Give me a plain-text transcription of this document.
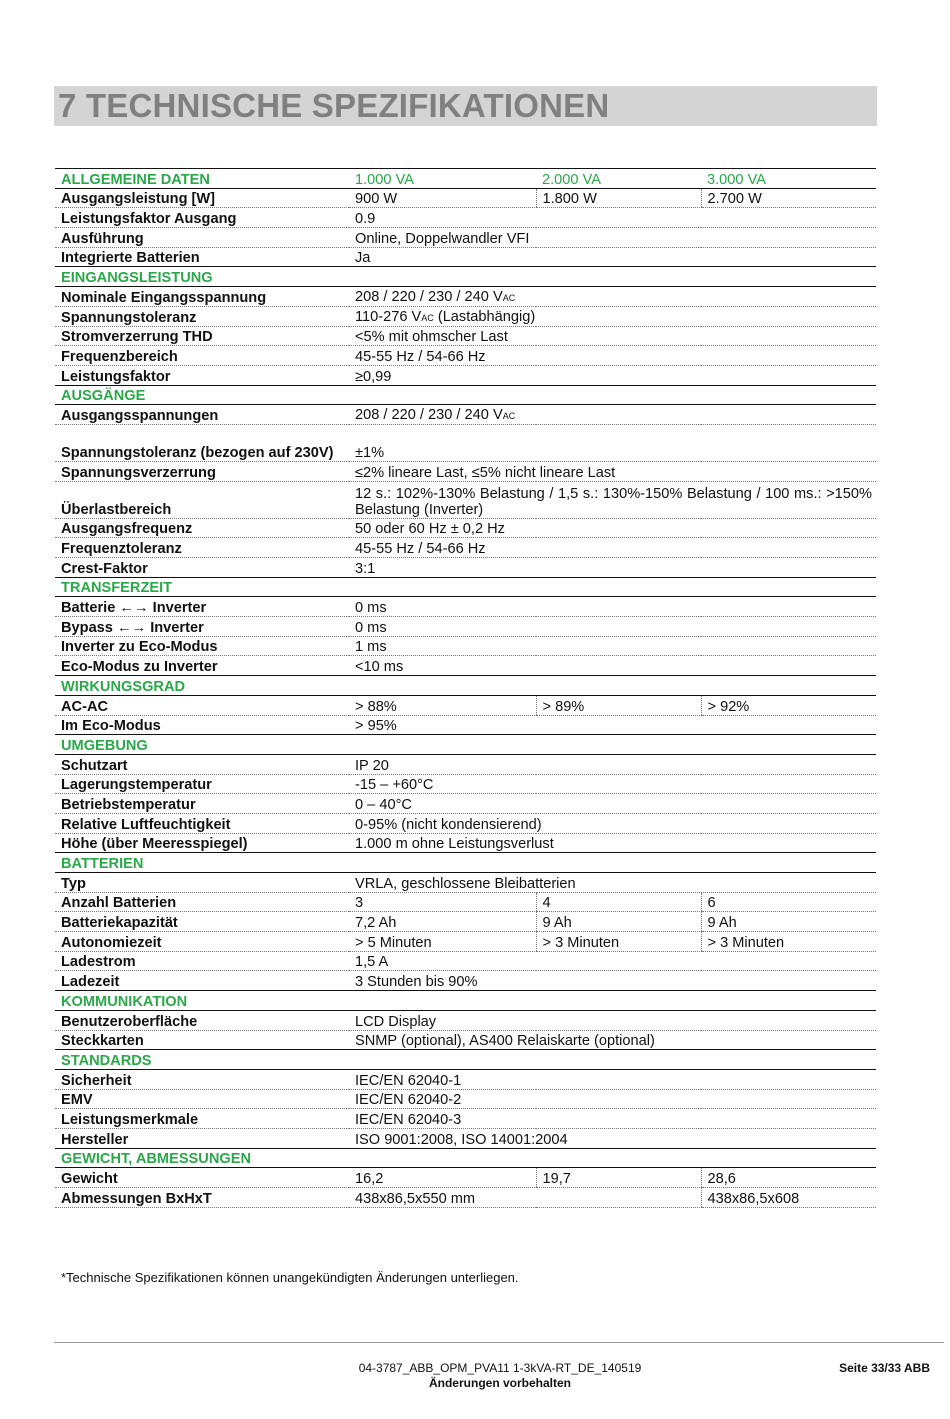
7 TECHNISCHE SPEZIFIKATIONEN
ALLGEMEINE DATEN	1.000 VA	2.000 VA	3.000 VA
Ausgangsleistung [W]	900 W	1.800 W	2.700 W
Leistungsfaktor Ausgang	0.9		
Ausführung	Online, Doppelwandler VFI		
Integrierte Batterien	Ja		
EINGANGSLEISTUNG			
Nominale Eingangsspannung	208 / 220 / 230 / 240 VAC		
Spannungstoleranz	110-276 VAC (Lastabhängig)		
Stromverzerrung THD	<5% mit ohmscher Last		
Frequenzbereich	45-55 Hz / 54-66 Hz		
Leistungsfaktor	≥0,99		
AUSGÄNGE			
Ausgangsspannungen	208 / 220 / 230 / 240 VAC		
Spannungstoleranz (bezogen auf 230V)	±1%		
Spannungsverzerrung	≤2% lineare Last, ≤5% nicht lineare Last		
Überlastbereich	12 s.: 102%-130% Belastung / 1,5 s.: 130%-150% Belastung / 100 ms.: >150% Belastung (Inverter)		
Ausgangsfrequenz	50 oder 60 Hz ± 0,2 Hz		
Frequenztoleranz	45-55 Hz / 54-66 Hz		
Crest-Faktor	3:1		
TRANSFERZEIT			
Batterie ←→ Inverter	0 ms		
Bypass ←→ Inverter	0 ms		
Inverter zu Eco-Modus	1 ms		
Eco-Modus zu Inverter	<10 ms		
WIRKUNGSGRAD			
AC-AC	> 88%	> 89%	> 92%
Im Eco-Modus	> 95%		
UMGEBUNG			
Schutzart	IP 20		
Lagerungstemperatur	-15 – +60°C		
Betriebstemperatur	0 – 40°C		
Relative Luftfeuchtigkeit	0-95% (nicht kondensierend)		
Höhe (über Meeresspiegel)	1.000 m ohne Leistungsverlust		
BATTERIEN			
Typ	VRLA, geschlossene Bleibatterien		
Anzahl Batterien	3	4	6
Batteriekapazität	7,2 Ah	9 Ah	9 Ah
Autonomiezeit	> 5 Minuten	> 3 Minuten	> 3 Minuten
Ladestrom	1,5 A		
Ladezeit	3 Stunden bis 90%		
KOMMUNIKATION			
Benutzeroberfläche	LCD Display		
Steckkarten	SNMP (optional), AS400 Relaiskarte (optional)		
STANDARDS			
Sicherheit	IEC/EN 62040-1		
EMV	IEC/EN 62040-2		
Leistungsmerkmale	IEC/EN 62040-3		
Hersteller	ISO 9001:2008, ISO 14001:2004		
GEWICHT, ABMESSUNGEN			
Gewicht	16,2	19,7	28,6
Abmessungen BxHxT	438x86,5x550 mm		438x86,5x608
*Technische Spezifikationen können unangekündigten Änderungen unterliegen.
04-3787_ABB_OPM_PVA11 1-3kVA-RT_DE_140519
Änderungen vorbehalten
Seite 33/33 ABB
